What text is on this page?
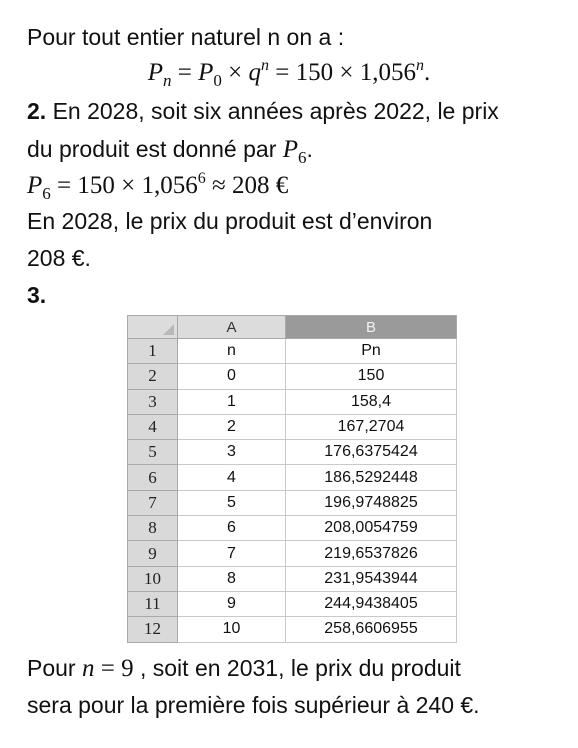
Pour tout entier naturel n on a :
$P_n = P_0 \times q^n = 150 \times 1,056^n$.
2. En 2028, soit six années après 2022, le prix
du produit est donné par $P_6$.
$P_6 = 150 \times 1,056^6 \approx 208$ €
En 2028, le prix du produit est d’environ
208 €.
3.
	A	B
1	n	Pn
2	0	150
3	1	158,4
4	2	167,2704
5	3	176,6375424
6	4	186,5292448
7	5	196,9748825
8	6	208,0054759
9	7	219,6537826
10	8	231,9543944
11	9	244,9438405
12	10	258,6606955
Pour n = 9 , soit en 2031, le prix du produit
sera pour la première fois supérieur à 240 €.
